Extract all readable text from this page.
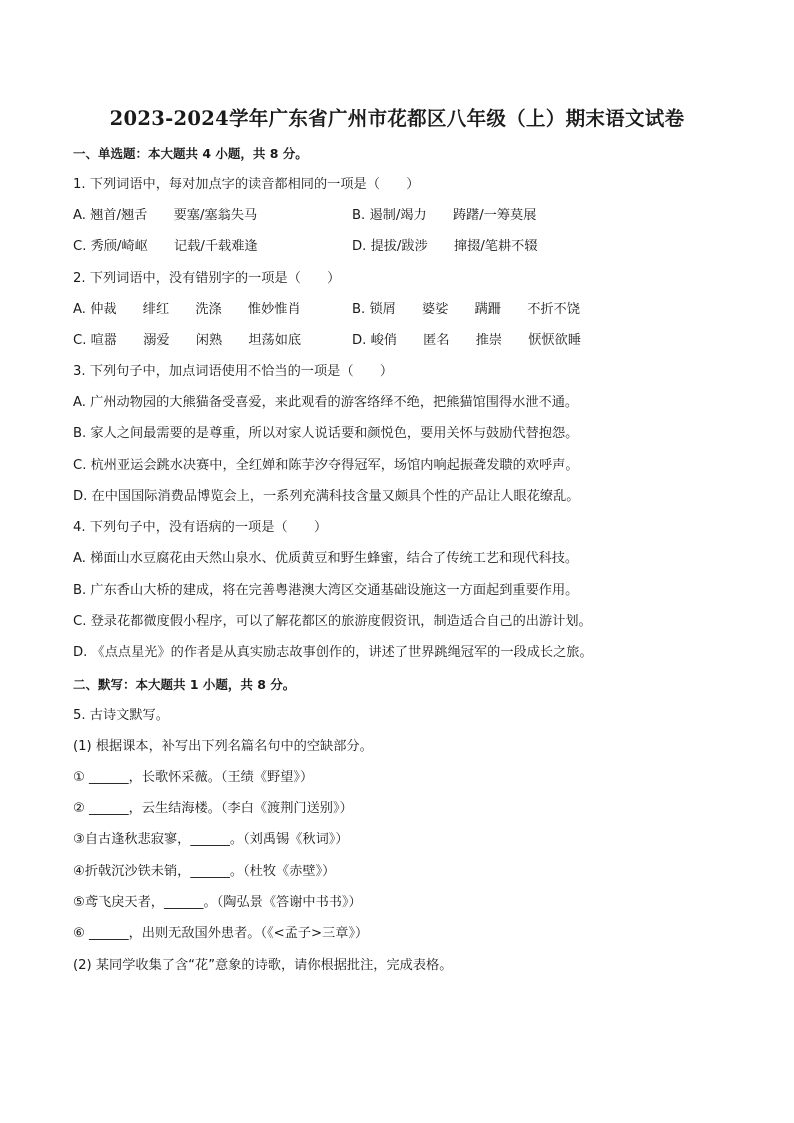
2023-2024学年广东省广州市花都区八年级（上）期末语文试卷
一、单选题：本大题共 4 小题，共 8 分。
1. 下列词语中，每对加点字的读音都相同的一项是（　　）
A. 翘首/翘舌 要塞/塞翁失马	B. 遏制/竭力 踌躇/一筹莫展
C. 秀颀/崎岖 记载/千载难逢	D. 提拔/跋涉 撺掇/笔耕不辍
2. 下列词语中，没有错别字的一项是（　　）
A. 仲裁 绯红 洗涤 惟妙惟肖	B. 锁屑 婆娑 蹒跚 不折不饶
C. 喧嚣 溺爱 闲熟 坦荡如底	D. 峻俏 匿名 推崇 恹恹欲睡
3. 下列句子中，加点词语使用不恰当的一项是（　　）
A. 广州动物园的大熊猫备受喜爱，来此观看的游客络绎不绝，把熊猫馆围得水泄不通。
B. 家人之间最需要的是尊重，所以对家人说话要和颜悦色，要用关怀与鼓励代替抱怨。
C. 杭州亚运会跳水决赛中，全红婵和陈芋汐夺得冠军，场馆内响起振聋发聩的欢呼声。
D. 在中国国际消费品博览会上，一系列充满科技含量又颇具个性的产品让人眼花缭乱。
4. 下列句子中，没有语病的一项是（　　）
A. 梯面山水豆腐花由天然山泉水、优质黄豆和野生蜂蜜，结合了传统工艺和现代科技。
B. 广东香山大桥的建成，将在完善粤港澳大湾区交通基础设施这一方面起到重要作用。
C. 登录花都微度假小程序，可以了解花都区的旅游度假资讯，制造适合自己的出游计划。
D. 《点点星光》的作者是从真实励志故事创作的，讲述了世界跳绳冠军的一段成长之旅。
二、默写：本大题共 1 小题，共 8 分。
5. 古诗文默写。
(1) 根据课本，补写出下列名篇名句中的空缺部分。
① ______，长歌怀采薇。（王绩《野望》）
② ______，云生结海楼。（李白《渡荆门送别》）
③自古逢秋悲寂寥，______。（刘禹锡《秋词》）
④折戟沉沙铁未销，______。（杜牧《赤壁》）
⑤鸢飞戾天者，______。（陶弘景《答谢中书书》）
⑥ ______，出则无敌国外患者。（《<孟子>三章》）
(2) 某同学收集了含“花”意象的诗歌，请你根据批注，完成表格。
